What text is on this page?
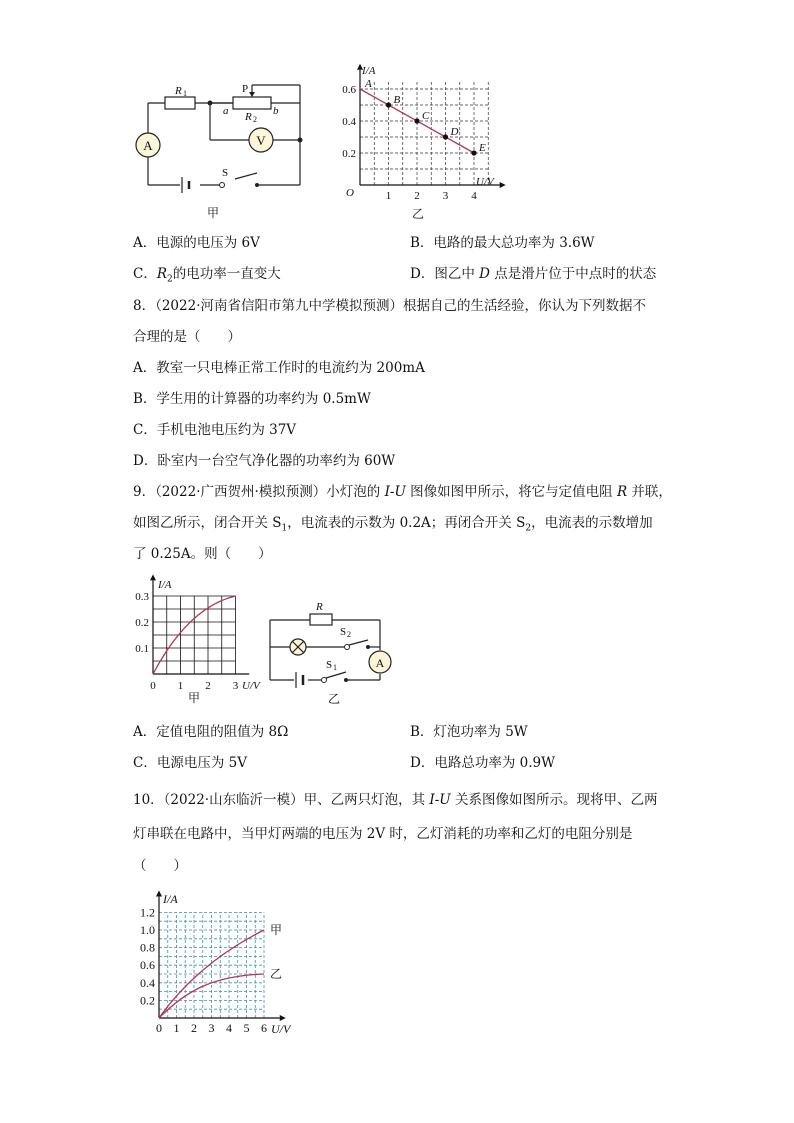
A	V
R 1	P
R 2
a	b
S
甲
1 2 3 4
0.6
0.4
0.2
A
B
C
D
E
I/A
U/V
O
乙
A．电源的电压为 6V	B．电路的最大总功率为 3.6W
C．$R_2$的电功率一直变大	D．图乙中 D 点是滑片位于中点时的状态
8．（2022·河南省信阳市第九中学模拟预测）根据自己的生活经验，你认为下列数据不
合理的是（　　）
A．教室一只电棒正常工作时的电流约为 200mA
B．学生用的计算器的功率约为 0.5mW
C．手机电池电压约为 37V
D．卧室内一台空气净化器的功率约为 60W
9．（2022·广西贺州·模拟预测）小灯泡的 I-U 图像如图甲所示，将它与定值电阻 R 并联，
如图乙所示，闭合开关 $S_1$，电流表的示数为 0.2A；再闭合开关 $S_2$，电流表的示数增加
了 0.25A。则（　　）
0 1 2 3
0.3
0.2
0.1
I/A
U/V
甲
A
R
S 2
S 1
乙
A．定值电阻的阻值为 8Ω	B．灯泡功率为 5W
C．电源电压为 5V	D．电路总功率为 0.9W
10．（2022·山东临沂一模）甲、乙两只灯泡，其 I-U 关系图像如图所示。现将甲、乙两
灯串联在电路中，当甲灯两端的电压为 2V 时，乙灯消耗的功率和乙灯的电阻分别是
（　　）
0 1 2 3 4 5 6
1.2
1.0
0.8
0.6
0.4
0.2
甲
乙
I/A
U/V
